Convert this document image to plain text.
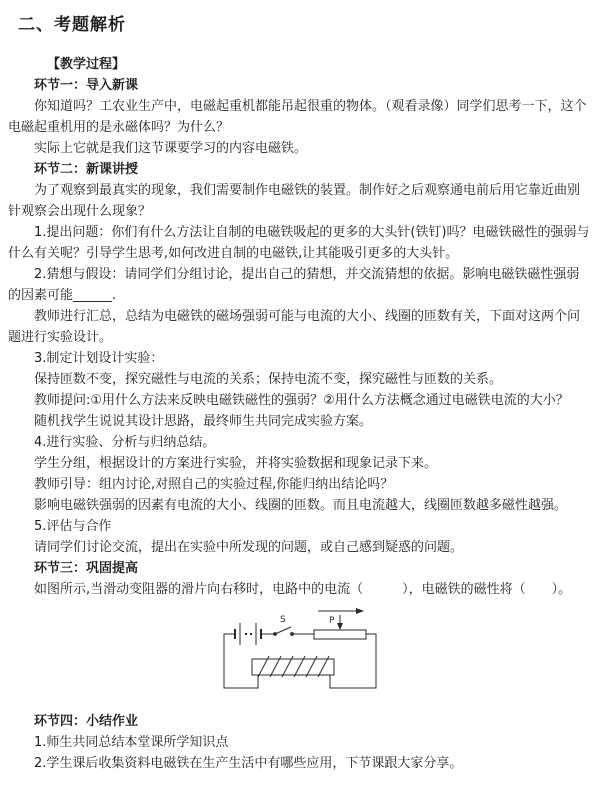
二、考题解析
【教学过程】
环节一：导入新课
你知道吗？工农业生产中，电磁起重机都能吊起很重的物体。（观看录像）同学们思考一下，这个电磁起重机用的是永磁体吗？为什么？
实际上它就是我们这节课要学习的内容电磁铁。
环节二：新课讲授
为了观察到最真实的现象，我们需要制作电磁铁的装置。制作好之后观察通电前后用它靠近曲别针观察会出现什么现象？
1.提出问题：你们有什么方法让自制的电磁铁吸起的更多的大头针(铁钉)吗？电磁铁磁性的强弱与什么有关呢？引导学生思考,如何改进自制的电磁铁,让其能吸引更多的大头针。
2.猜想与假设：请同学们分组讨论，提出自己的猜想，并交流猜想的依据。影响电磁铁磁性强弱的因素可能______.
教师进行汇总，总结为电磁铁的磁场强弱可能与电流的大小、线圈的匝数有关，下面对这两个问题进行实验设计。
3.制定计划设计实验：
保持匝数不变，探究磁性与电流的关系；保持电流不变，探究磁性与匝数的关系。
教师提问:①用什么方法来反映电磁铁磁性的强弱？②用什么方法概念通过电磁铁电流的大小？
随机找学生说说其设计思路，最终师生共同完成实验方案。
4.进行实验、分析与归纳总结。
学生分组，根据设计的方案进行实验，并将实验数据和现象记录下来。
教师引导：组内讨论,对照自己的实验过程,你能归纳出结论吗？
影响电磁铁强弱的因素有电流的大小、线圈的匝数。而且电流越大，线圈匝数越多磁性越强。
5.评估与合作
请同学们讨论交流，提出在实验中所发现的问题，或自己感到疑惑的问题。
环节三：巩固提高
如图所示,当滑动变阻器的滑片向右移时，电路中的电流（　　　），电磁铁的磁性将（　　）。
S	P
环节四：小结作业
1.师生共同总结本堂课所学知识点
2.学生课后收集资料电磁铁在生产生活中有哪些应用，下节课跟大家分享。
